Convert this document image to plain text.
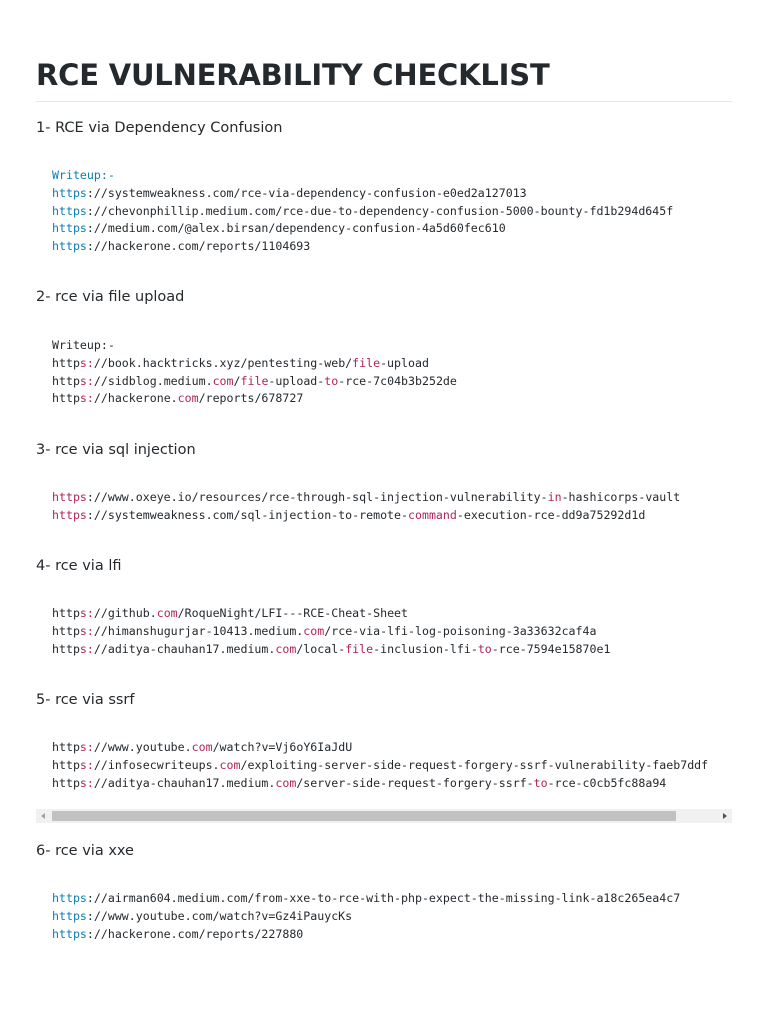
RCE VULNERABILITY CHECKLIST
1- RCE via Dependency Confusion
Writeup:-
https://systemweakness.com/rce-via-dependency-confusion-e0ed2a127013
https://chevonphillip.medium.com/rce-due-to-dependency-confusion-5000-bounty-fd1b294d645f
https://medium.com/@alex.birsan/dependency-confusion-4a5d60fec610
https://hackerone.com/reports/1104693
2- rce via file upload
Writeup:-
https://book.hacktricks.xyz/pentesting-web/file-upload
https://sidblog.medium.com/file-upload-to-rce-7c04b3b252de
https://hackerone.com/reports/678727
3- rce via sql injection
https://www.oxeye.io/resources/rce-through-sql-injection-vulnerability-in-hashicorps-vault
https://systemweakness.com/sql-injection-to-remote-command-execution-rce-dd9a75292d1d
4- rce via lfi
https://github.com/RoqueNight/LFI---RCE-Cheat-Sheet
https://himanshugurjar-10413.medium.com/rce-via-lfi-log-poisoning-3a33632caf4a
https://aditya-chauhan17.medium.com/local-file-inclusion-lfi-to-rce-7594e15870e1
5- rce via ssrf
https://www.youtube.com/watch?v=Vj6oY6IaJdU
https://infosecwriteups.com/exploiting-server-side-request-forgery-ssrf-vulnerability-faeb7ddf
https://aditya-chauhan17.medium.com/server-side-request-forgery-ssrf-to-rce-c0cb5fc88a94
6- rce via xxe
https://airman604.medium.com/from-xxe-to-rce-with-php-expect-the-missing-link-a18c265ea4c7
https://www.youtube.com/watch?v=Gz4iPauycKs
https://hackerone.com/reports/227880
